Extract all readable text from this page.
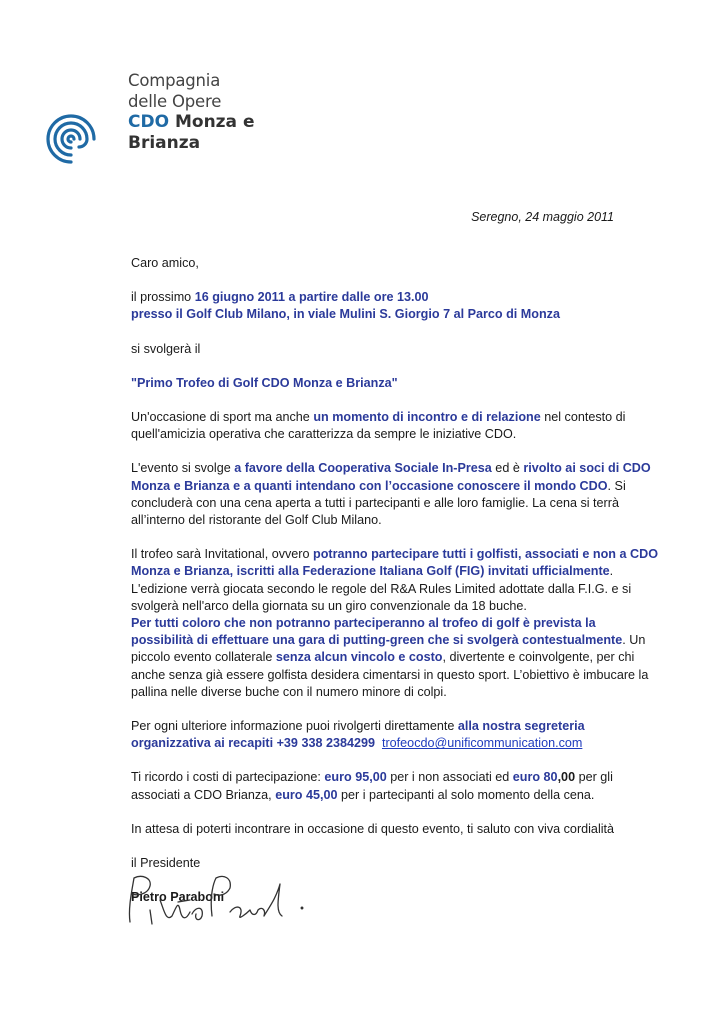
Compagnia
delle Opere
CDO Monza e Brianza
Seregno, 24 maggio 2011

Caro amico,

il prossimo 16 giugno 2011 a partire dalle ore 13.00
presso il Golf Club Milano, in viale Mulini S. Giorgio 7 al Parco di Monza

si svolgerà il

"Primo Trofeo di Golf CDO Monza e Brianza"

Un'occasione di sport ma anche un momento di incontro e di relazione nel contesto di quell'amicizia operativa che caratterizza da sempre le iniziative CDO.

L'evento si svolge a favore della Cooperativa Sociale In-Presa ed è rivolto ai soci di CDO Monza e Brianza e a quanti intendano con l’occasione conoscere il mondo CDO. Si concluderà con una cena aperta a tutti i partecipanti e alle loro famiglie. La cena si terrà all’interno del ristorante del Golf Club Milano.

Il trofeo sarà Invitational, ovvero potranno partecipare tutti i golfisti, associati e non a CDO Monza e Brianza, iscritti alla Federazione Italiana Golf (FIG) invitati ufficialmente. L'edizione verrà giocata secondo le regole del R&A Rules Limited adottate dalla F.I.G. e si svolgerà nell'arco della giornata su un giro convenzionale da 18 buche.
Per tutti coloro che non potranno parteciperanno al trofeo di golf è prevista la possibilità di effettuare una gara di putting-green che si svolgerà contestualmente. Un piccolo evento collaterale senza alcun vincolo e costo, divertente e coinvolgente, per chi anche senza già essere golfista desidera cimentarsi in questo sport. L’obiettivo è imbucare la pallina nelle diverse buche con il numero minore di colpi.

Per ogni ulteriore informazione puoi rivolgerti direttamente alla nostra segreteria organizzativa ai recapiti +39 338 2384299 trofeocdo@unificommunication.com

Ti ricordo i costi di partecipazione: euro 95,00 per i non associati ed euro 80,00 per gli associati a CDO Brianza, euro 45,00 per i partecipanti al solo momento della cena.

In attesa di poterti incontrare in occasione di questo evento, ti saluto con viva cordialità

il Presidente

Pietro Paraboni
